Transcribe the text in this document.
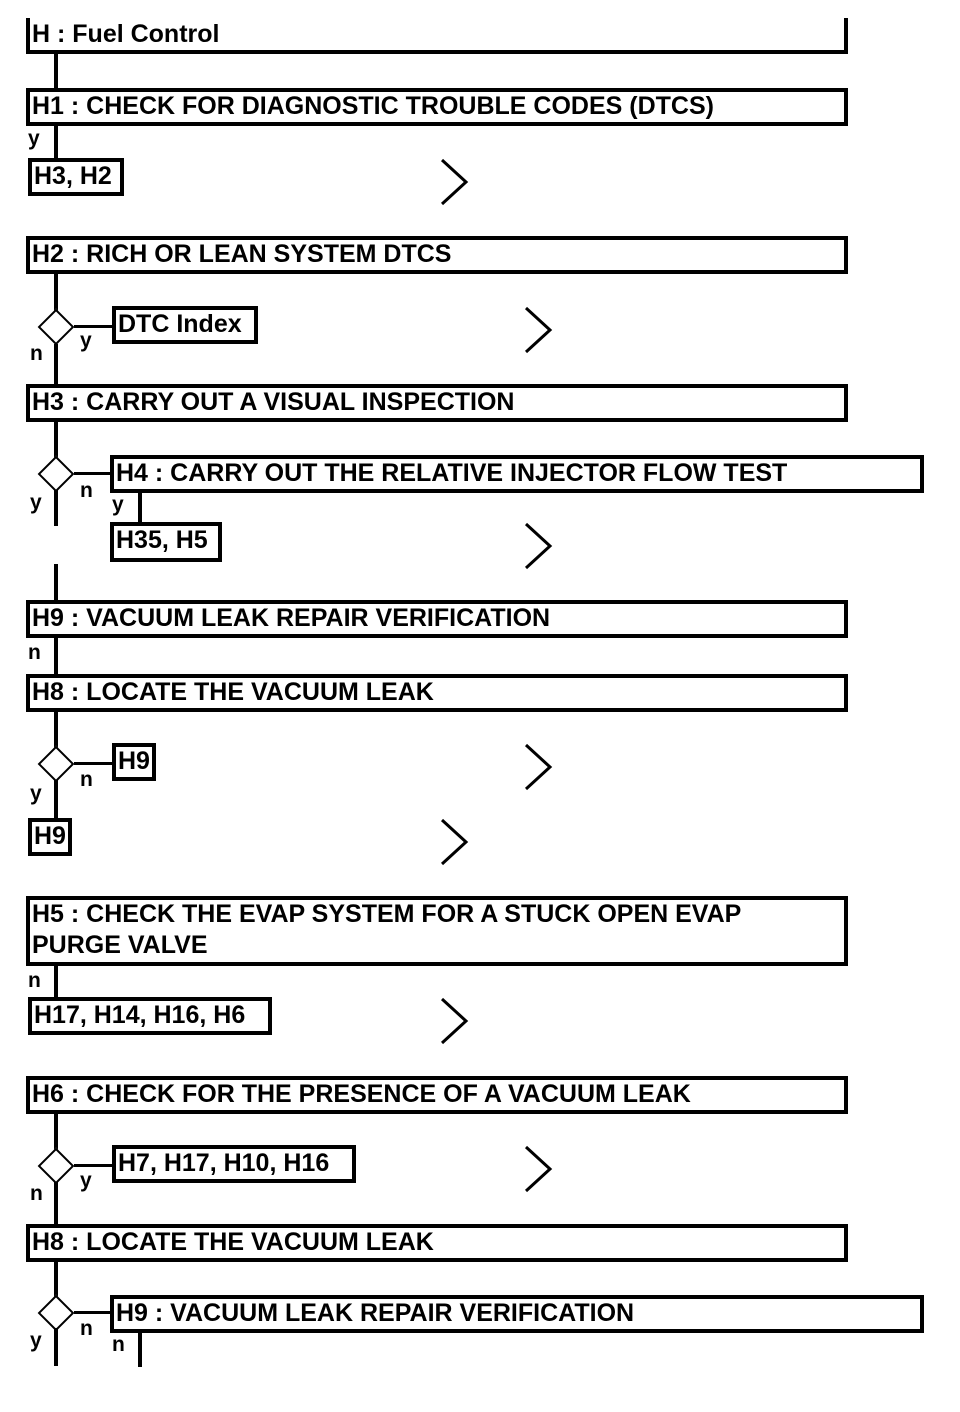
H : Fuel Control
H1 : CHECK FOR DIAGNOSTIC TROUBLE CODES (DTCS)
y
H3, H2
H2 : RICH OR LEAN SYSTEM DTCS
y
n
DTC Index
H3 : CARRY OUT A VISUAL INSPECTION
n
y
H4 : CARRY OUT THE RELATIVE INJECTOR FLOW TEST
y
H35, H5
H9 : VACUUM LEAK REPAIR VERIFICATION
n
H8 : LOCATE THE VACUUM LEAK
n
y
H9
H9
H5 : CHECK THE EVAP SYSTEM FOR A STUCK OPEN EVAP
PURGE VALVE
n
H17, H14, H16, H6
H6 : CHECK FOR THE PRESENCE OF A VACUUM LEAK
y
n
H7, H17, H10, H16
H8 : LOCATE THE VACUUM LEAK
n
y
H9 : VACUUM LEAK REPAIR VERIFICATION
n
